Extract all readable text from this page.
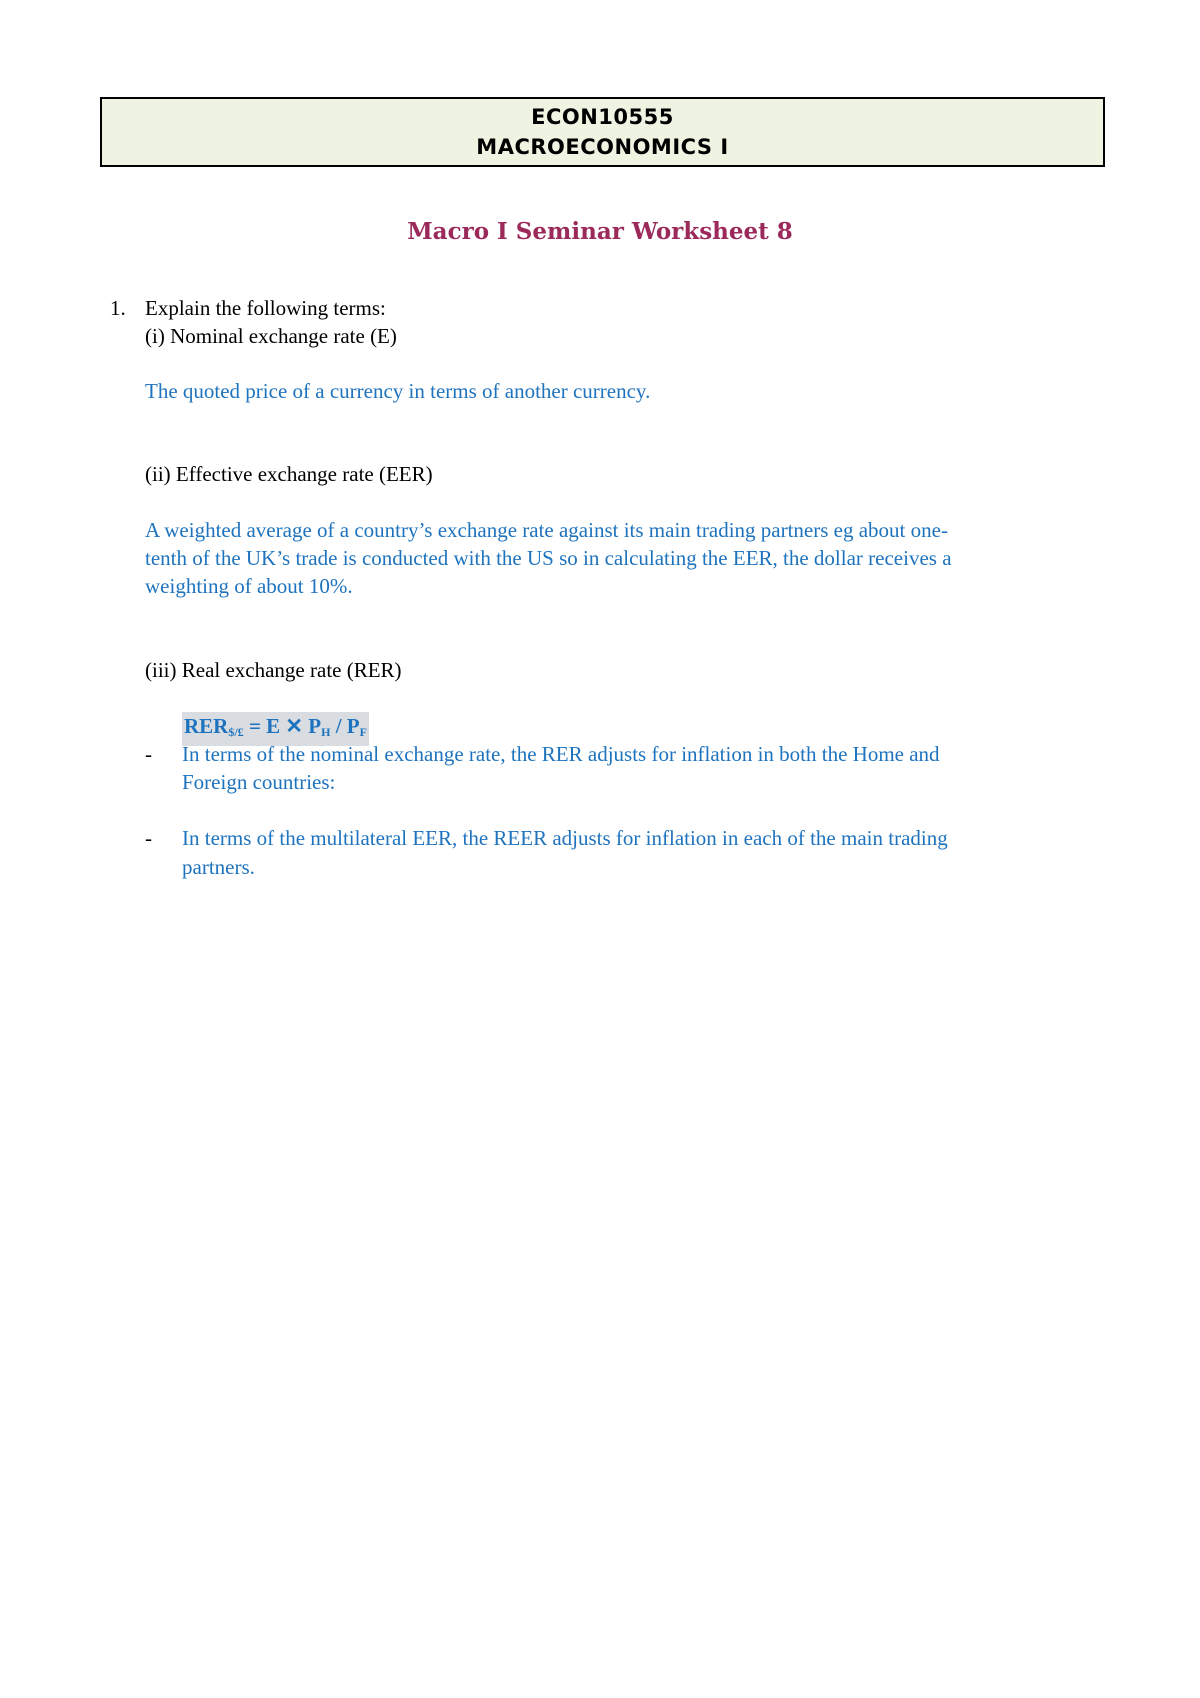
ECON10555
MACROECONOMICS I
Macro I Seminar Worksheet 8
1. Explain the following terms:
(i) Nominal exchange rate (E)
The quoted price of a currency in terms of another currency.
(ii) Effective exchange rate (EER)
A weighted average of a country’s exchange rate against its main trading partners eg about one-
tenth of the UK’s trade is conducted with the US so in calculating the EER, the dollar receives a
weighting of about 10%.
(iii) Real exchange rate (RER)
$RER_{\$/£} = E$ ✕ $P_H / P_F$
- In terms of the nominal exchange rate, the RER adjusts for inflation in both the Home and
Foreign countries:
- In terms of the multilateral EER, the REER adjusts for inflation in each of the main trading
partners.
